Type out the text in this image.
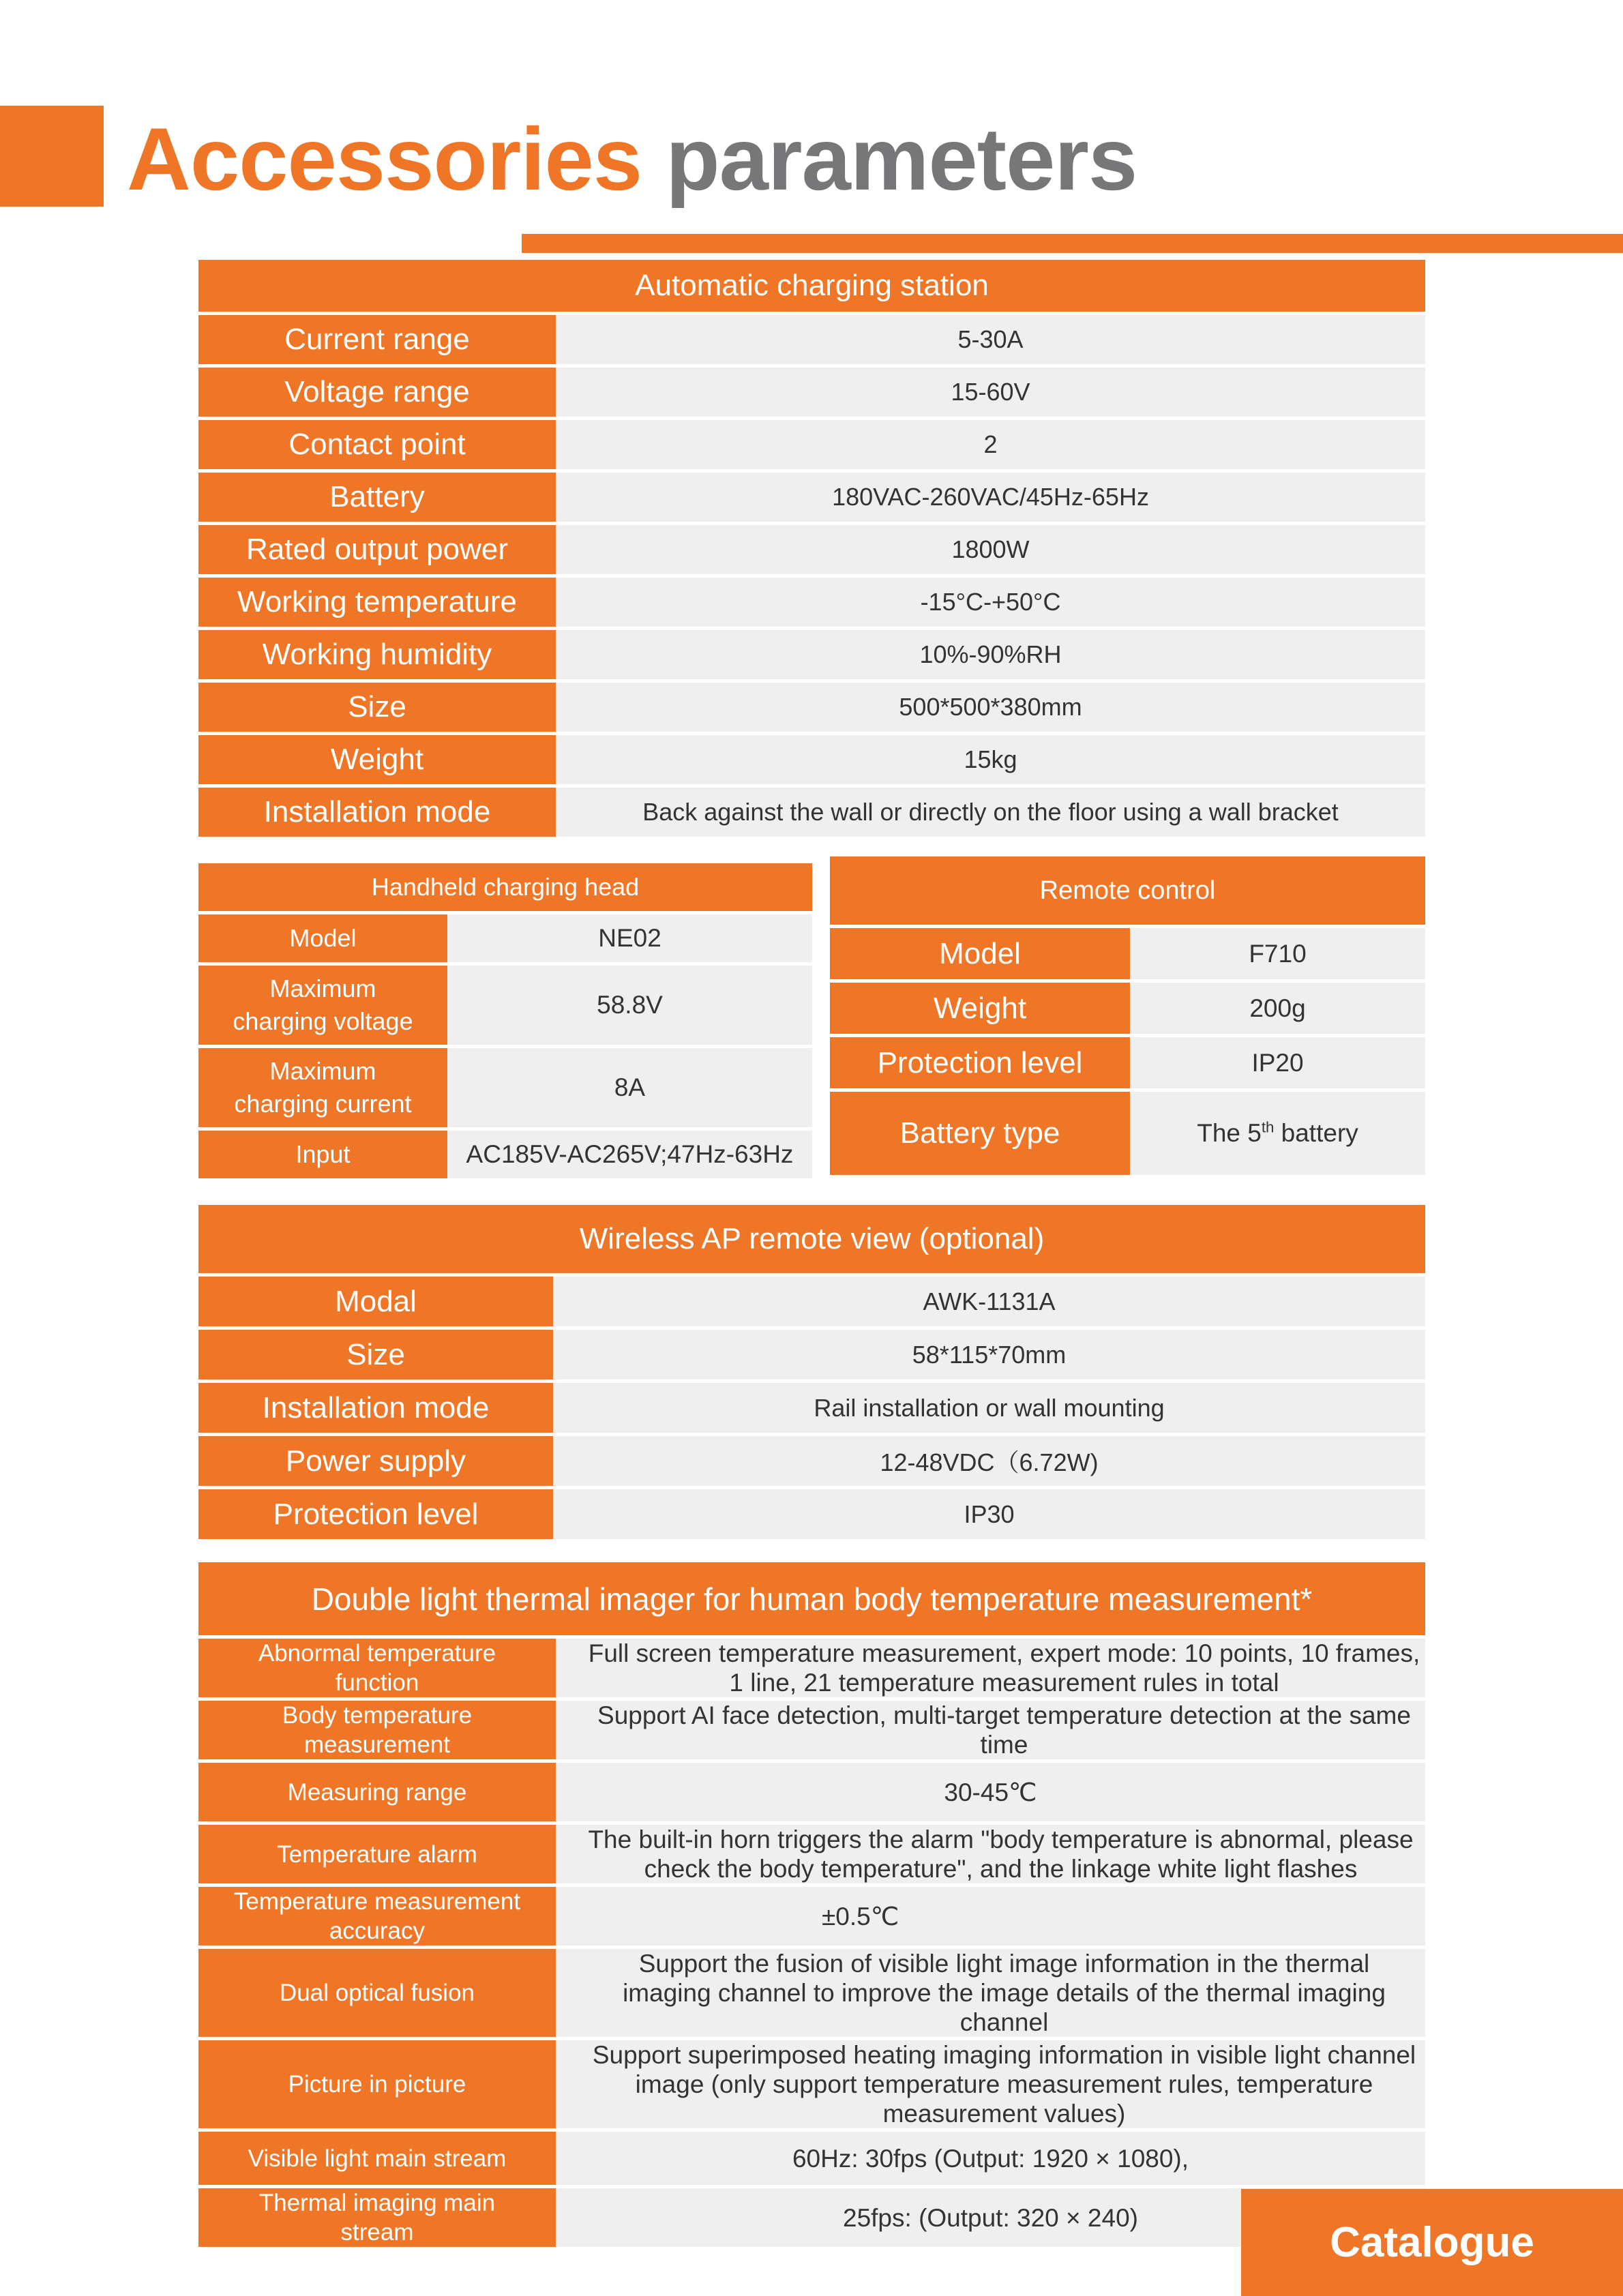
Accessories parameters
Automatic charging station	
Current range	5-30A
Voltage range	15-60V
Contact point	2
Battery	180VAC-260VAC/45Hz-65Hz
Rated output power	1800W
Working temperature	-15°C-+50°C
Working humidity	10%-90%RH
Size	500*500*380mm
Weight	15kg
Installation mode	Back against the wall or directly on the floor using a wall bracket
Handheld charging head	
Model	NE02
Maximum charging voltage	58.8V
Maximum charging current	8A
Input	AC185V-AC265V;47Hz-63Hz
Remote control	
Model	F710
Weight	200g
Protection level	IP20
Battery type	The 5th battery
Wireless AP remote view (optional)	
Modal	AWK-1131A
Size	58*115*70mm
Installation mode	Rail installation or wall mounting
Power supply	12-48VDC（6.72W)
Protection level	IP30
Double light thermal imager for human body temperature measurement*	
Abnormal temperature function	Full screen temperature measurement, expert mode: 10 points, 10 frames, 1 line, 21 temperature measurement rules in total
Body temperature measurement	Support AI face detection, multi-target temperature detection at the same time
Measuring range	30-45℃
Temperature alarm	The built-in horn triggers the alarm "body temperature is abnormal, please check the body temperature", and the linkage white light flashes
Temperature measurement accuracy	±0.5℃
Dual optical fusion	Support the fusion of visible light image information in the thermal imaging channel to improve the image details of the thermal imaging channel
Picture in picture	Support superimposed heating imaging information in visible light channel image (only support temperature measurement rules, temperature measurement values)
Visible light main stream	60Hz: 30fps (Output: 1920 × 1080),
Thermal imaging main stream	25fps: (Output: 320 × 240)
Catalogue
